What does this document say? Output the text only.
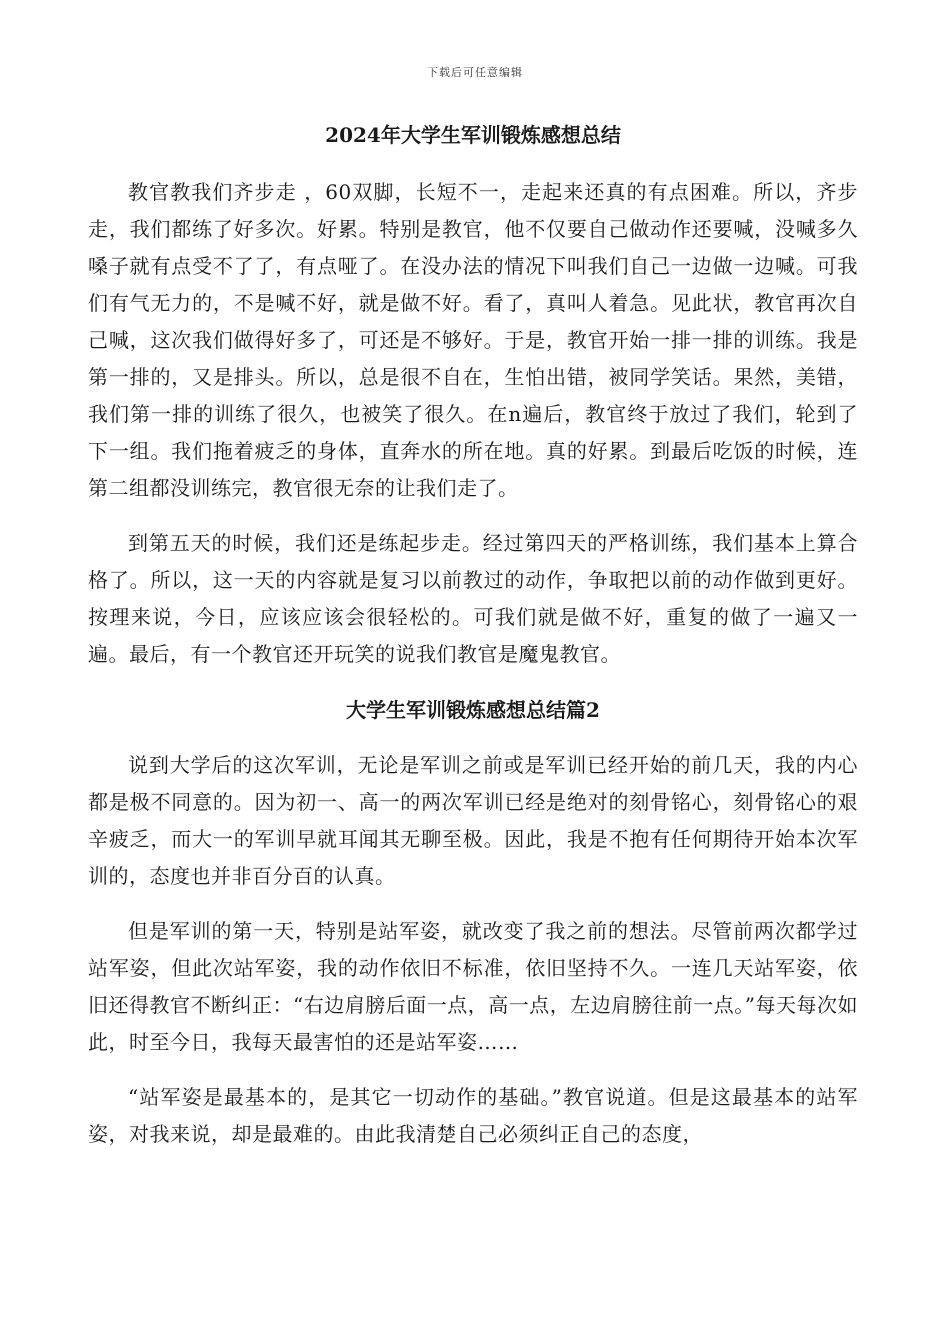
下载后可任意编辑
2024年大学生军训锻炼感想总结

教官教我们齐步走 ，60双脚，长短不一，走起来还真的有点困难。所以，齐步走，我们都练了好多次。好累。特别是教官，他不仅要自己做动作还要喊，没喊多久嗓子就有点受不了了，有点哑了。在没办法的情况下叫我们自己一边做一边喊。可我们有气无力的，不是喊不好，就是做不好。看了，真叫人着急。见此状，教官再次自己喊，这次我们做得好多了，可还是不够好。于是，教官开始一排一排的训练。我是第一排的，又是排头。所以，总是很不自在，生怕出错，被同学笑话。果然，美错，我们第一排的训练了很久，也被笑了很久。在n遍后，教官终于放过了我们，轮到了下一组。我们拖着疲乏的身体，直奔水的所在地。真的好累。到最后吃饭的时候，连第二组都没训练完，教官很无奈的让我们走了。

到第五天的时候，我们还是练起步走。经过第四天的严格训练，我们基本上算合格了。所以，这一天的内容就是复习以前教过的动作，争取把以前的动作做到更好。按理来说，今日，应该应该会很轻松的。可我们就是做不好，重复的做了一遍又一遍。最后，有一个教官还开玩笑的说我们教官是魔鬼教官。

大学生军训锻炼感想总结篇2

说到大学后的这次军训，无论是军训之前或是军训已经开始的前几天，我的内心都是极不同意的。因为初一、高一的两次军训已经是绝对的刻骨铭心，刻骨铭心的艰辛疲乏，而大一的军训早就耳闻其无聊至极。因此，我是不抱有任何期待开始本次军训的，态度也并非百分百的认真。

但是军训的第一天，特别是站军姿，就改变了我之前的想法。尽管前两次都学过站军姿，但此次站军姿，我的动作依旧不标准，依旧坚持不久。一连几天站军姿，依旧还得教官不断纠正：“右边肩膀后面一点，高一点，左边肩膀往前一点。”每天每次如此，时至今日，我每天最害怕的还是站军姿……

“站军姿是最基本的，是其它一切动作的基础。”教官说道。但是这最基本的站军姿，对我来说，却是最难的。由此我清楚自己必须纠正自己的态度，
